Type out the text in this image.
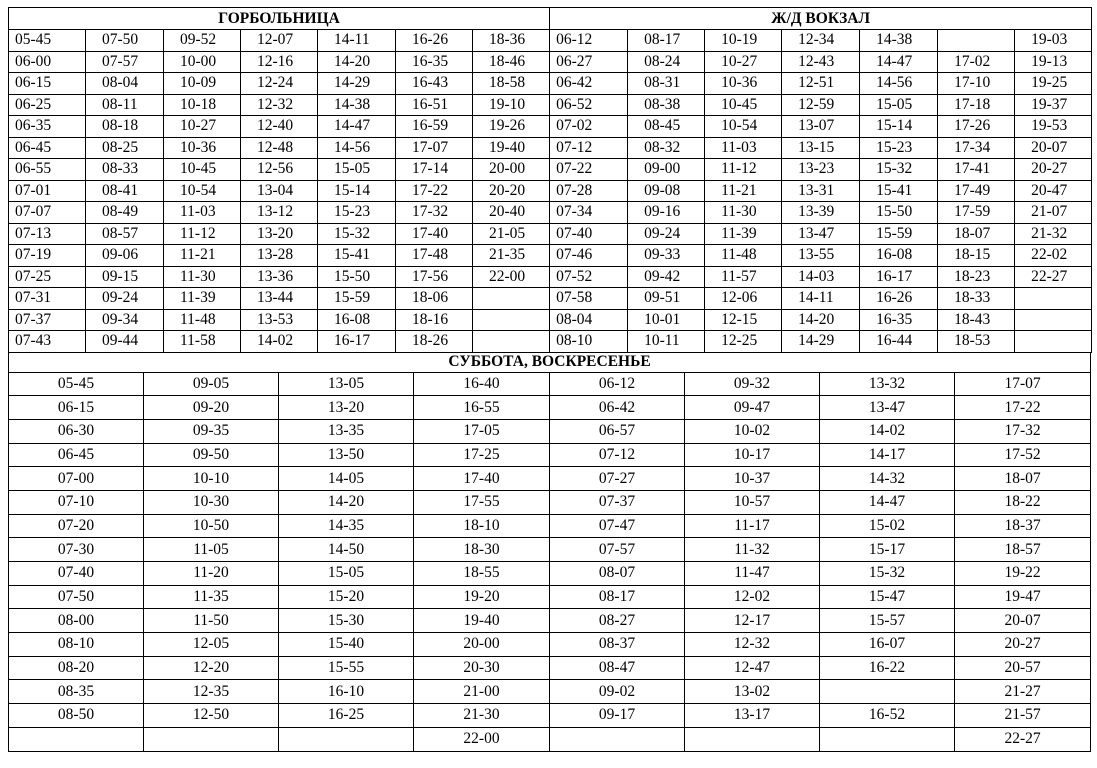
ГОРБОЛЬНИЦА							Ж/Д ВОКЗАЛ						
05-45	07-50	09-52	12-07	14-11	16-26	18-36	06-12	08-17	10-19	12-34	14-38		19-03
06-00	07-57	10-00	12-16	14-20	16-35	18-46	06-27	08-24	10-27	12-43	14-47	17-02	19-13
06-15	08-04	10-09	12-24	14-29	16-43	18-58	06-42	08-31	10-36	12-51	14-56	17-10	19-25
06-25	08-11	10-18	12-32	14-38	16-51	19-10	06-52	08-38	10-45	12-59	15-05	17-18	19-37
06-35	08-18	10-27	12-40	14-47	16-59	19-26	07-02	08-45	10-54	13-07	15-14	17-26	19-53
06-45	08-25	10-36	12-48	14-56	17-07	19-40	07-12	08-32	11-03	13-15	15-23	17-34	20-07
06-55	08-33	10-45	12-56	15-05	17-14	20-00	07-22	09-00	11-12	13-23	15-32	17-41	20-27
07-01	08-41	10-54	13-04	15-14	17-22	20-20	07-28	09-08	11-21	13-31	15-41	17-49	20-47
07-07	08-49	11-03	13-12	15-23	17-32	20-40	07-34	09-16	11-30	13-39	15-50	17-59	21-07
07-13	08-57	11-12	13-20	15-32	17-40	21-05	07-40	09-24	11-39	13-47	15-59	18-07	21-32
07-19	09-06	11-21	13-28	15-41	17-48	21-35	07-46	09-33	11-48	13-55	16-08	18-15	22-02
07-25	09-15	11-30	13-36	15-50	17-56	22-00	07-52	09-42	11-57	14-03	16-17	18-23	22-27
07-31	09-24	11-39	13-44	15-59	18-06		07-58	09-51	12-06	14-11	16-26	18-33	
07-37	09-34	11-48	13-53	16-08	18-16		08-04	10-01	12-15	14-20	16-35	18-43	
07-43	09-44	11-58	14-02	16-17	18-26		08-10	10-11	12-25	14-29	16-44	18-53	
СУББОТА, ВОСКРЕСЕНЬЕ							
05-45	09-05	13-05	16-40	06-12	09-32	13-32	17-07
06-15	09-20	13-20	16-55	06-42	09-47	13-47	17-22
06-30	09-35	13-35	17-05	06-57	10-02	14-02	17-32
06-45	09-50	13-50	17-25	07-12	10-17	14-17	17-52
07-00	10-10	14-05	17-40	07-27	10-37	14-32	18-07
07-10	10-30	14-20	17-55	07-37	10-57	14-47	18-22
07-20	10-50	14-35	18-10	07-47	11-17	15-02	18-37
07-30	11-05	14-50	18-30	07-57	11-32	15-17	18-57
07-40	11-20	15-05	18-55	08-07	11-47	15-32	19-22
07-50	11-35	15-20	19-20	08-17	12-02	15-47	19-47
08-00	11-50	15-30	19-40	08-27	12-17	15-57	20-07
08-10	12-05	15-40	20-00	08-37	12-32	16-07	20-27
08-20	12-20	15-55	20-30	08-47	12-47	16-22	20-57
08-35	12-35	16-10	21-00	09-02	13-02		21-27
08-50	12-50	16-25	21-30	09-17	13-17	16-52	21-57
			22-00				22-27
